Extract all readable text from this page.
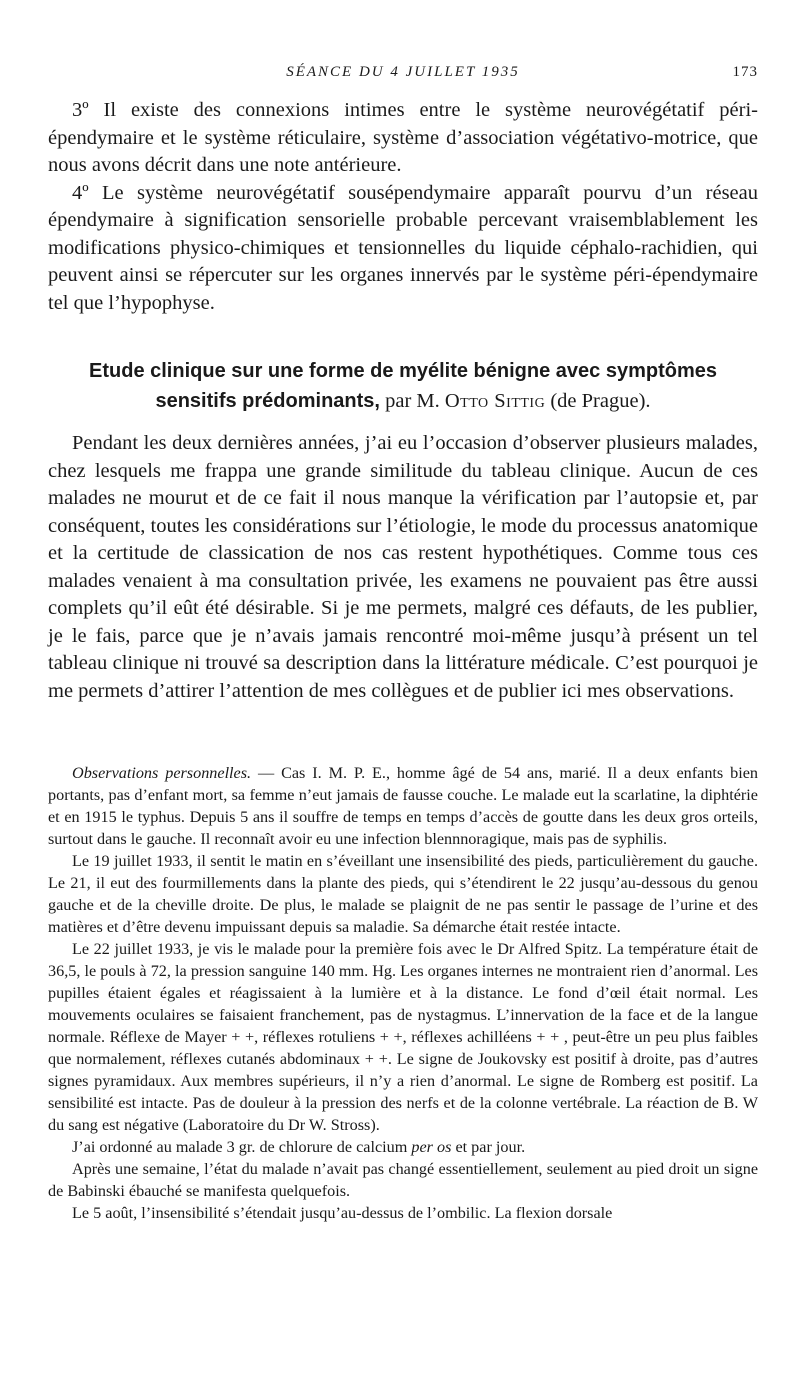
SÉANCE DU 4 JUILLET 1935	173

3º Il existe des connexions intimes entre le système neurovégétatif péri-épendymaire et le système réticulaire, système d’association végétativo-motrice, que nous avons décrit dans une note antérieure.

4º Le système neurovégétatif sousépendymaire apparaît pourvu d’un réseau épendymaire à signification sensorielle probable percevant vraisemblablement les modifications physico-chimiques et tensionnelles du liquide céphalo-rachidien, qui peuvent ainsi se répercuter sur les organes innervés par le système péri-épendymaire tel que l’hypophyse.

Etude clinique sur une forme de myélite bénigne avec symptômes sensitifs prédominants, par M. Otto Sittig (de Prague).

Pendant les deux dernières années, j’ai eu l’occasion d’observer plusieurs malades, chez lesquels me frappa une grande similitude du tableau clinique. Aucun de ces malades ne mourut et de ce fait il nous manque la vérification par l’autopsie et, par conséquent, toutes les considérations sur l’étiologie, le mode du processus anatomique et la certitude de classication de nos cas restent hypothétiques. Comme tous ces malades venaient à ma consultation privée, les examens ne pouvaient pas être aussi complets qu’il eût été désirable. Si je me permets, malgré ces défauts, de les publier, je le fais, parce que je n’avais jamais rencontré moi-même jusqu’à présent un tel tableau clinique ni trouvé sa description dans la littérature médicale. C’est pourquoi je me permets d’attirer l’attention de mes collègues et de publier ici mes observations.

Observations personnelles. — Cas I. M. P. E., homme âgé de 54 ans, marié. Il a deux enfants bien portants, pas d’enfant mort, sa femme n’eut jamais de fausse couche. Le malade eut la scarlatine, la diphtérie et en 1915 le typhus. Depuis 5 ans il souffre de temps en temps d’accès de goutte dans les deux gros orteils, surtout dans le gauche. Il reconnaît avoir eu une infection blennnoragique, mais pas de syphilis.

Le 19 juillet 1933, il sentit le matin en s’éveillant une insensibilité des pieds, particulièrement du gauche. Le 21, il eut des fourmillements dans la plante des pieds, qui s’étendirent le 22 jusqu’au-dessous du genou gauche et de la cheville droite. De plus, le malade se plaignit de ne pas sentir le passage de l’urine et des matières et d’être devenu impuissant depuis sa maladie. Sa démarche était restée intacte.

Le 22 juillet 1933, je vis le malade pour la première fois avec le Dr Alfred Spitz. La température était de 36,5, le pouls à 72, la pression sanguine 140 mm. Hg. Les organes internes ne montraient rien d’anormal. Les pupilles étaient égales et réagissaient à la lumière et à la distance. Le fond d’œil était normal. Les mouvements oculaires se faisaient franchement, pas de nystagmus. L’innervation de la face et de la langue normale. Réflexe de Mayer + +, réflexes rotuliens + +, réflexes achilléens + + , peut-être un peu plus faibles que normalement, réflexes cutanés abdominaux + +. Le signe de Joukovsky est positif à droite, pas d’autres signes pyramidaux. Aux membres supérieurs, il n’y a rien d’anormal. Le signe de Romberg est positif. La sensibilité est intacte. Pas de douleur à la pression des nerfs et de la colonne vertébrale. La réaction de B. W du sang est négative (Laboratoire du Dr W. Stross).

J’ai ordonné au malade 3 gr. de chlorure de calcium per os et par jour.

Après une semaine, l’état du malade n’avait pas changé essentiellement, seulement au pied droit un signe de Babinski ébauché se manifesta quelquefois.

Le 5 août, l’insensibilité s’étendait jusqu’au-dessus de l’ombilic. La flexion dorsale
